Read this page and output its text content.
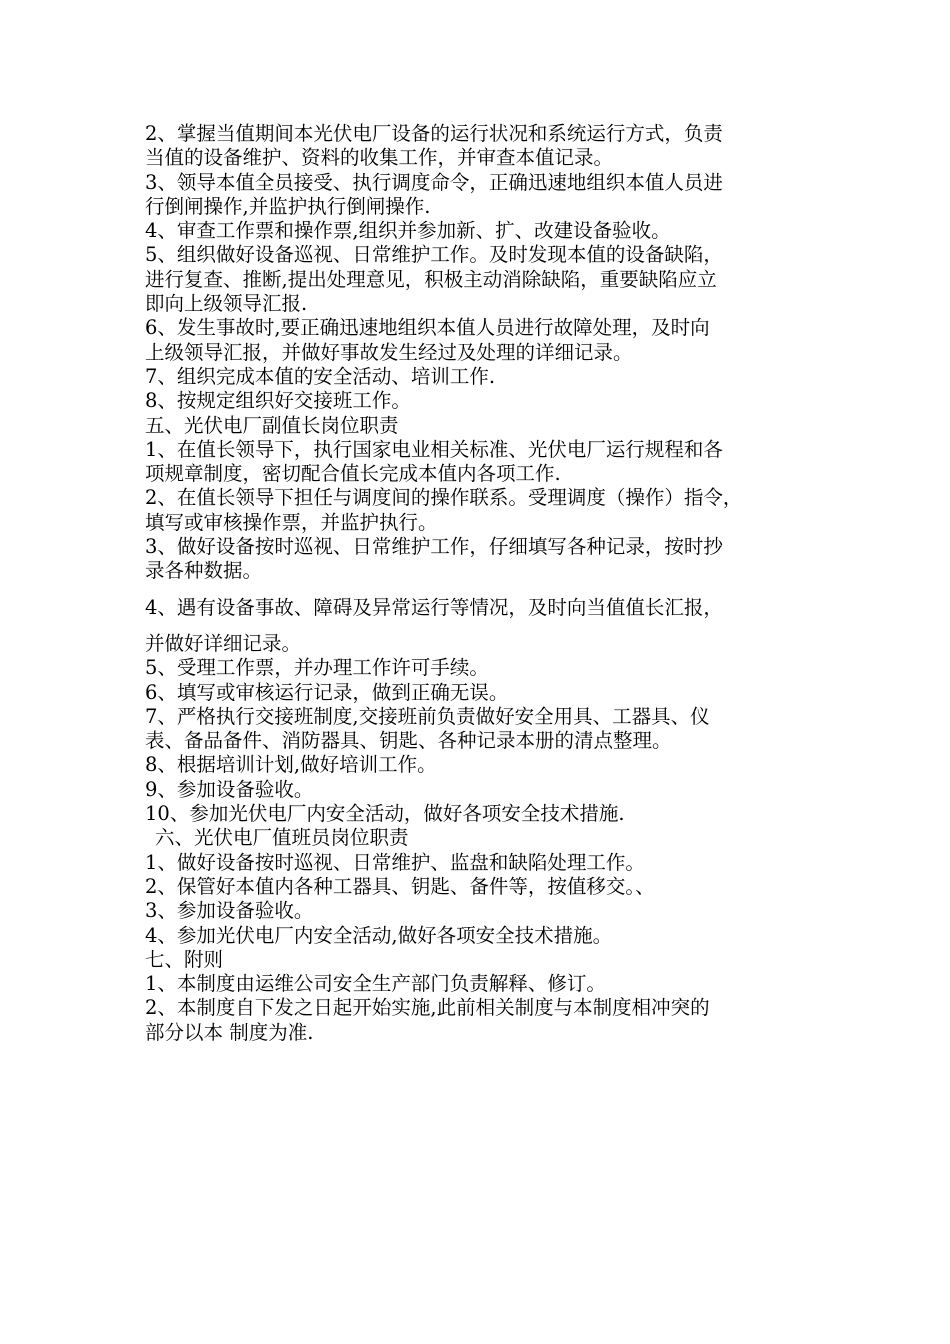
2、掌握当值期间本光伏电厂设备的运行状况和系统运行方式，负责
当值的设备维护、资料的收集工作，并审查本值记录。
3、领导本值全员接受、执行调度命令，正确迅速地组织本值人员进
行倒闸操作,并监护执行倒闸操作.
4、审查工作票和操作票,组织并参加新、扩、改建设备验收。
5、组织做好设备巡视、日常维护工作。及时发现本值的设备缺陷，
进行复查、推断,提出处理意见，积极主动消除缺陷，重要缺陷应立
即向上级领导汇报.
6、发生事故时,要正确迅速地组织本值人员进行故障处理，及时向
上级领导汇报，并做好事故发生经过及处理的详细记录。
7、组织完成本值的安全活动、培训工作.
8、按规定组织好交接班工作。
五、光伏电厂副值长岗位职责
1、在值长领导下，执行国家电业相关标准、光伏电厂运行规程和各
项规章制度，密切配合值长完成本值内各项工作.
2、在值长领导下担任与调度间的操作联系。受理调度（操作）指令，
填写或审核操作票，并监护执行。
3、做好设备按时巡视、日常维护工作，仔细填写各种记录，按时抄
录各种数据。
4、遇有设备事故、障碍及异常运行等情况，及时向当值值长汇报，
并做好详细记录。
5、受理工作票，并办理工作许可手续。
6、填写或审核运行记录，做到正确无误。
7、严格执行交接班制度,交接班前负责做好安全用具、工器具、仪
表、备品备件、消防器具、钥匙、各种记录本册的清点整理。
8、根据培训计划,做好培训工作。
9、参加设备验收。
10、参加光伏电厂内安全活动，做好各项安全技术措施.
六、光伏电厂值班员岗位职责
1、做好设备按时巡视、日常维护、监盘和缺陷处理工作。
2、保管好本值内各种工器具、钥匙、备件等，按值移交。、
3、参加设备验收。
4、参加光伏电厂内安全活动,做好各项安全技术措施。
七、附则
1、本制度由运维公司安全生产部门负责解释、修订。
2、本制度自下发之日起开始实施,此前相关制度与本制度相冲突的
部分以本 制度为准.
